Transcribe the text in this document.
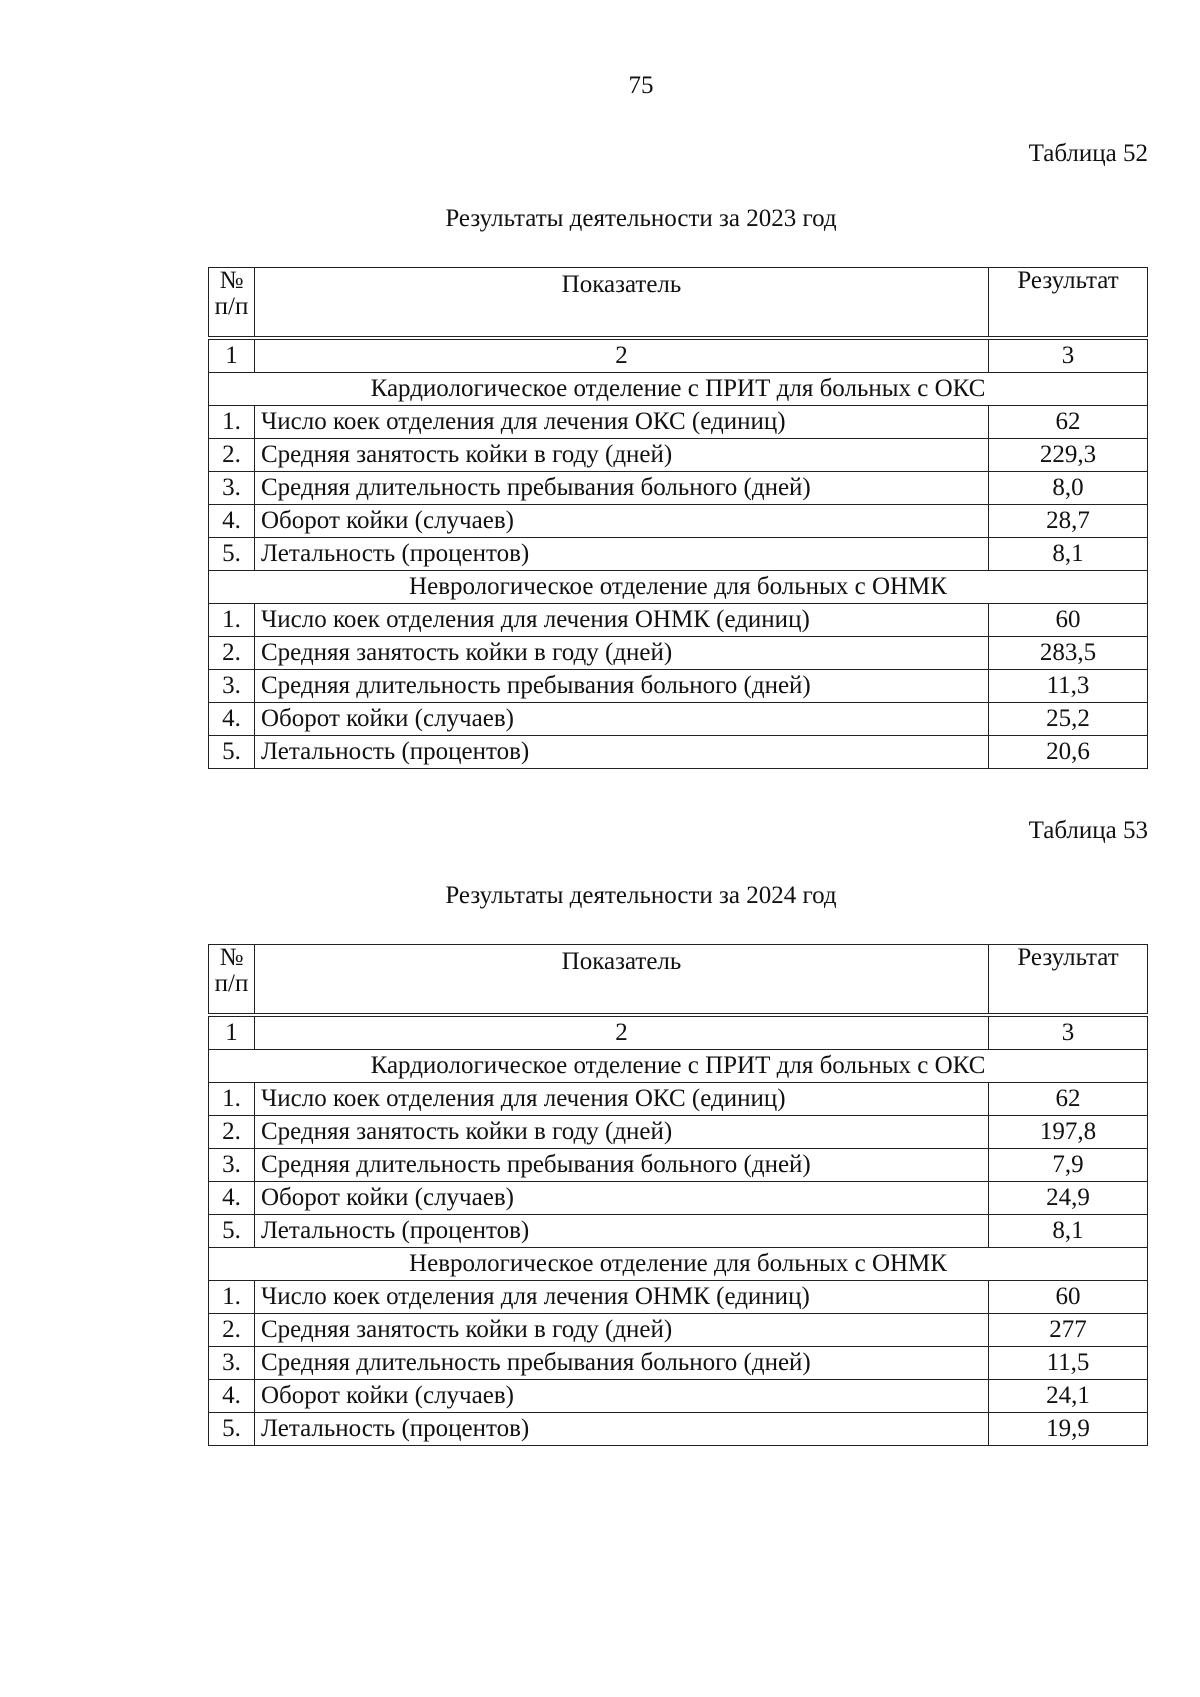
75
Таблица 52
Результаты деятельности за 2023 год
№
п/п	Показатель	Результат
1	2	3
Кардиологическое отделение с ПРИТ для больных с ОКС		
1.	Число коек отделения для лечения ОКС (единиц)	62
2.	Средняя занятость койки в году (дней)	229,3
3.	Средняя длительность пребывания больного (дней)	8,0
4.	Оборот койки (случаев)	28,7
5.	Летальность (процентов)	8,1
Неврологическое отделение для больных с ОНМК		
1.	Число коек отделения для лечения ОНМК (единиц)	60
2.	Средняя занятость койки в году (дней)	283,5
3.	Средняя длительность пребывания больного (дней)	11,3
4.	Оборот койки (случаев)	25,2
5.	Летальность (процентов)	20,6
Таблица 53
Результаты деятельности за 2024 год
№
п/п	Показатель	Результат
1	2	3
Кардиологическое отделение с ПРИТ для больных с ОКС		
1.	Число коек отделения для лечения ОКС (единиц)	62
2.	Средняя занятость койки в году (дней)	197,8
3.	Средняя длительность пребывания больного (дней)	7,9
4.	Оборот койки (случаев)	24,9
5.	Летальность (процентов)	8,1
Неврологическое отделение для больных с ОНМК		
1.	Число коек отделения для лечения ОНМК (единиц)	60
2.	Средняя занятость койки в году (дней)	277
3.	Средняя длительность пребывания больного (дней)	11,5
4.	Оборот койки (случаев)	24,1
5.	Летальность (процентов)	19,9
